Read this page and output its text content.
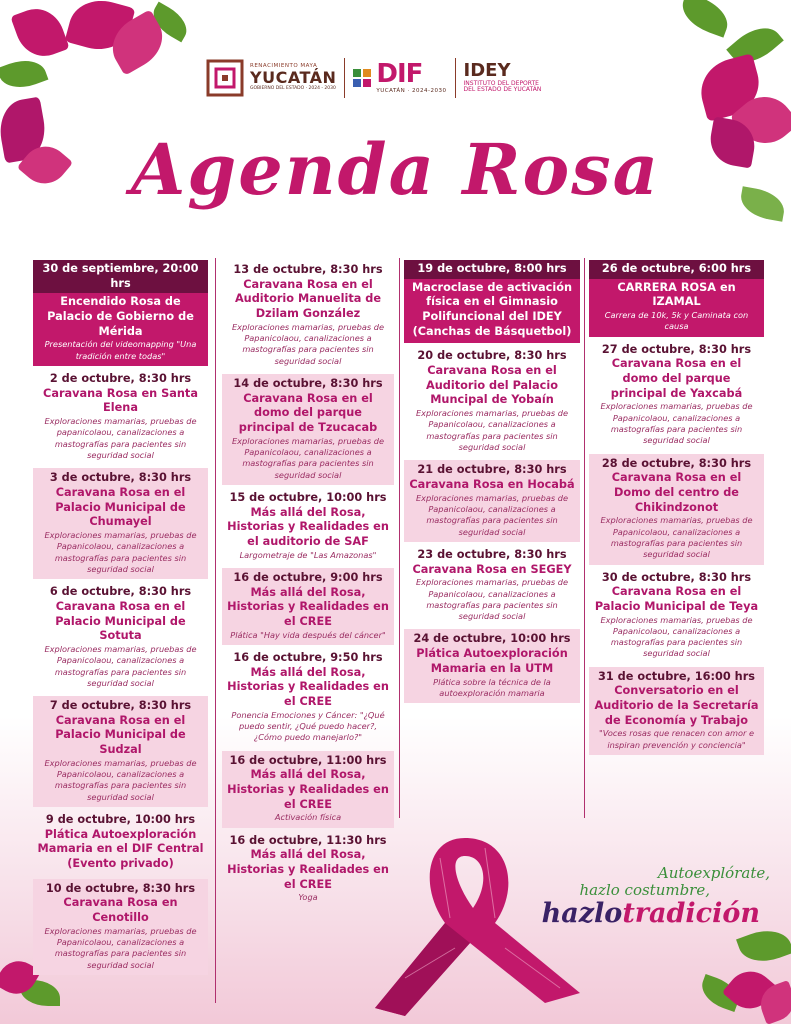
RENACIMIENTO MAYA
YUCATÁN
GOBIERNO DEL ESTADO · 2024 - 2030 DIF
YUCATÁN · 2024-2030
IDEY
INSTITUTO DEL DEPORTE
DEL ESTADO DE YUCATÁN
Agenda Rosa
30 de septiembre, 20:00 hrs
Encendido Rosa de Palacio de Gobierno de Mérida
Presentación del videomapping "Una tradición entre todas"
2 de octubre, 8:30 hrs
Caravana Rosa en Santa Elena
Exploraciones mamarias, pruebas de papanicolaou, canalizaciones a mastografías para pacientes sin seguridad social
3 de octubre, 8:30 hrs
Caravana Rosa en el Palacio Municipal de Chumayel
Exploraciones mamarias, pruebas de Papanicolaou, canalizaciones a mastografías para pacientes sin seguridad social
6 de octubre, 8:30 hrs
Caravana Rosa en el Palacio Municipal de Sotuta
Exploraciones mamarias, pruebas de Papanicolaou, canalizaciones a mastografías para pacientes sin seguridad social
7 de octubre, 8:30 hrs
Caravana Rosa en el Palacio Municipal de Sudzal
Exploraciones mamarias, pruebas de Papanicolaou, canalizaciones a mastografías para pacientes sin seguridad social
9 de octubre, 10:00 hrs
Plática Autoexploración Mamaria en el DIF Central (Evento privado)
10 de octubre, 8:30 hrs
Caravana Rosa en Cenotillo
Exploraciones mamarias, pruebas de Papanicolaou, canalizaciones a mastografías para pacientes sin seguridad social
13 de octubre, 8:30 hrs
Caravana Rosa en el Auditorio Manuelita de Dzilam González
Exploraciones mamarias, pruebas de Papanicolaou, canalizaciones a mastografías para pacientes sin seguridad social
14 de octubre, 8:30 hrs
Caravana Rosa en el domo del parque principal de Tzucacab
Exploraciones mamarias, pruebas de Papanicolaou, canalizaciones a mastografías para pacientes sin seguridad social
15 de octubre, 10:00 hrs
Más allá del Rosa, Historias y Realidades en el auditorio de SAF
Largometraje de "Las Amazonas"
16 de octubre, 9:00 hrs
Más allá del Rosa, Historias y Realidades en el CREE
Plática "Hay vida después del cáncer"
16 de octubre, 9:50 hrs
Más allá del Rosa, Historias y Realidades en el CREE
Ponencia Emociones y Cáncer: "¿Qué puedo sentir, ¿Qué puedo hacer?, ¿Cómo puedo manejarlo?"
16 de octubre, 11:00 hrs
Más allá del Rosa, Historias y Realidades en el CREE
Activación física
16 de octubre, 11:30 hrs
Más allá del Rosa, Historias y Realidades en el CREE
Yoga
19 de octubre, 8:00 hrs
Macroclase de activación física en el Gimnasio Polifuncional del IDEY (Canchas de Básquetbol)
20 de octubre, 8:30 hrs
Caravana Rosa en el Auditorio del Palacio Muncipal de Yobaín
Exploraciones mamarias, pruebas de Papanicolaou, canalizaciones a mastografías para pacientes sin seguridad social
21 de octubre, 8:30 hrs
Caravana Rosa en Hocabá
Exploraciones mamarias, pruebas de Papanicolaou, canalizaciones a mastografías para pacientes sin seguridad social
23 de octubre, 8:30 hrs
Caravana Rosa en SEGEY
Exploraciones mamarias, pruebas de Papanicolaou, canalizaciones a mastografías para pacientes sin seguridad social
24 de octubre, 10:00 hrs
Plática Autoexploración Mamaria en la UTM
Plática sobre la técnica de la autoexploración mamaria
26 de octubre, 6:00 hrs
CARRERA ROSA en IZAMAL
Carrera de 10k, 5k y Caminata con causa
27 de octubre, 8:30 hrs
Caravana Rosa en el domo del parque principal de Yaxcabá
Exploraciones mamarias, pruebas de Papanicolaou, canalizaciones a mastografías para pacientes sin seguridad social
28 de octubre, 8:30 hrs
Caravana Rosa en el Domo del centro de Chikindzonot
Exploraciones mamarias, pruebas de Papanicolaou, canalizaciones a mastografías para pacientes sin seguridad social
30 de octubre, 8:30 hrs
Caravana Rosa en el Palacio Municipal de Teya
Exploraciones mamarias, pruebas de Papanicolaou, canalizaciones a mastografías para pacientes sin seguridad social
31 de octubre, 16:00 hrs
Conversatorio en el Auditorio de la Secretaría de Economía y Trabajo
"Voces rosas que renacen con amor e inspiran prevención y conciencia"
Autoexplórate,
hazlo costumbre,
hazlotradición
